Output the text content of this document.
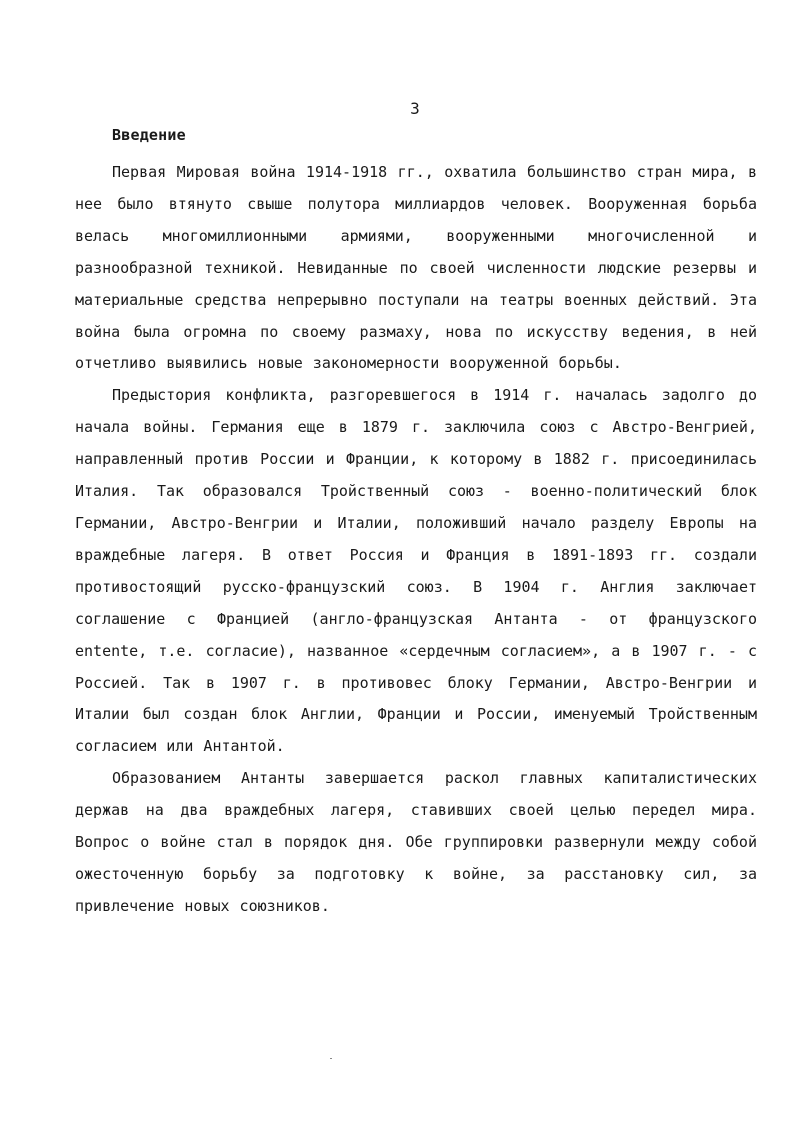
3
Введение

Первая Мировая война 1914-1918 гг., охватила большинство стран мира, в нее было втянуто свыше полутора миллиардов человек. Вооруженная борьба велась многомиллионными армиями, вооруженными многочисленной и разнообразной техникой. Невиданные по своей численности людские резервы и материальные средства непрерывно поступали на театры военных действий. Эта война была огромна по своему размаху, нова по искусству ведения, в ней отчетливо выявились новые закономерности вооруженной борьбы.

Предыстория конфликта, разгоревшегося в 1914 г. началась задолго до начала войны. Германия еще в 1879 г. заключила союз с Австро-Венгрией, направленный против России и Франции, к которому в 1882 г. присоединилась Италия. Так образовался Тройственный союз - военно-политический блок Германии, Австро-Венгрии и Италии, положивший начало разделу Европы на враждебные лагеря. В ответ Россия и Франция в 1891-1893 гг. создали противостоящий русско-французский союз. В 1904 г. Англия заключает соглашение с Францией (англо-французская Антанта - от французского entente, т.е. согласие), названное «сердечным согласием», а в 1907 г. - с Россией. Так в 1907 г. в противовес блоку Германии, Австро-Венгрии и Италии был создан блок Англии, Франции и России, именуемый Тройственным согласием или Антантой.

Образованием Антанты завершается раскол главных капиталистических держав на два враждебных лагеря, ставивших своей целью передел мира. Вопрос о войне стал в порядок дня. Обе группировки развернули между собой ожесточенную борьбу за подготовку к войне, за расстановку сил, за привлечение новых союзников.
